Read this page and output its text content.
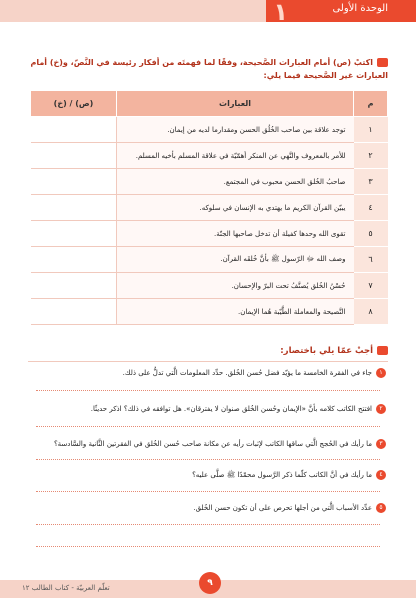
١	الوحدة الأولى
اكتبْ (ص) أمام العبارات الصَّحيحة، وفقًا لما فهمتَه من أفكار رئيسة في النَّصّ، و(خ) أمام العبارات غير الصَّحيحة فيما يلي:
م	العبارات	(ص) / (خ)
١	توجد علاقة بين صاحب الخُلُق الحسن ومقدارما لديه من إيمان.	
٢	للأمر بالمعروف والنَّهي عن المنكر أهمّيّة في علاقة المسلم بأخيه المسلم.	
٣	صاحبُ الخُلق الحسن محبوب في المجتمع.	
٤	يبيّن القرآن الكريم ما يهتدي به الإنسان في سلوكه.	
٥	تقوى الله وحدها كفيلة أن تدخل صاحبها الجنّة.	
٦	وصف الله ﷻ الرّسول ﷺ بأنَّ خُلقَه القرآن.	
٧	حُسْنُ الخُلق يُصنَّفُ تحت البرّ والإحسان.	
٨	النَّصيحة والمعاملة الطَّيّبة هُما الإيمان.	
أجبْ عمّا يلي باختصار:
١جاء في الفقرة الخامسة ما يؤيّد فضل حُسن الخُلق. حدِّد المعلومات الَّتي تدلُّ على ذلك.
٢افتتح الكاتب كلامه بأنَّ «الإيمان وحُسن الخُلق صنوان لا يفترقان». هل توافقه في ذلك؟ اذكر حديثًا.
٣ما رأيك في الحُجج الَّتي ساقها الكاتب لإثبات رأيه عن مكانة صاحب حُسن الخُلق في الفقرتين الثَّانية والسَّادسة؟
٤ما رأيك في أنَّ الكاتب كلّما ذكر الرَّسول محمّدًا ﷺ صلَّى عليه؟
٥عدِّد الأسباب الَّتي من أجلها تحرص على أن تكون حسن الخُلق.
٩
تعلّم العربيّة - كتاب الطالب ١٢
